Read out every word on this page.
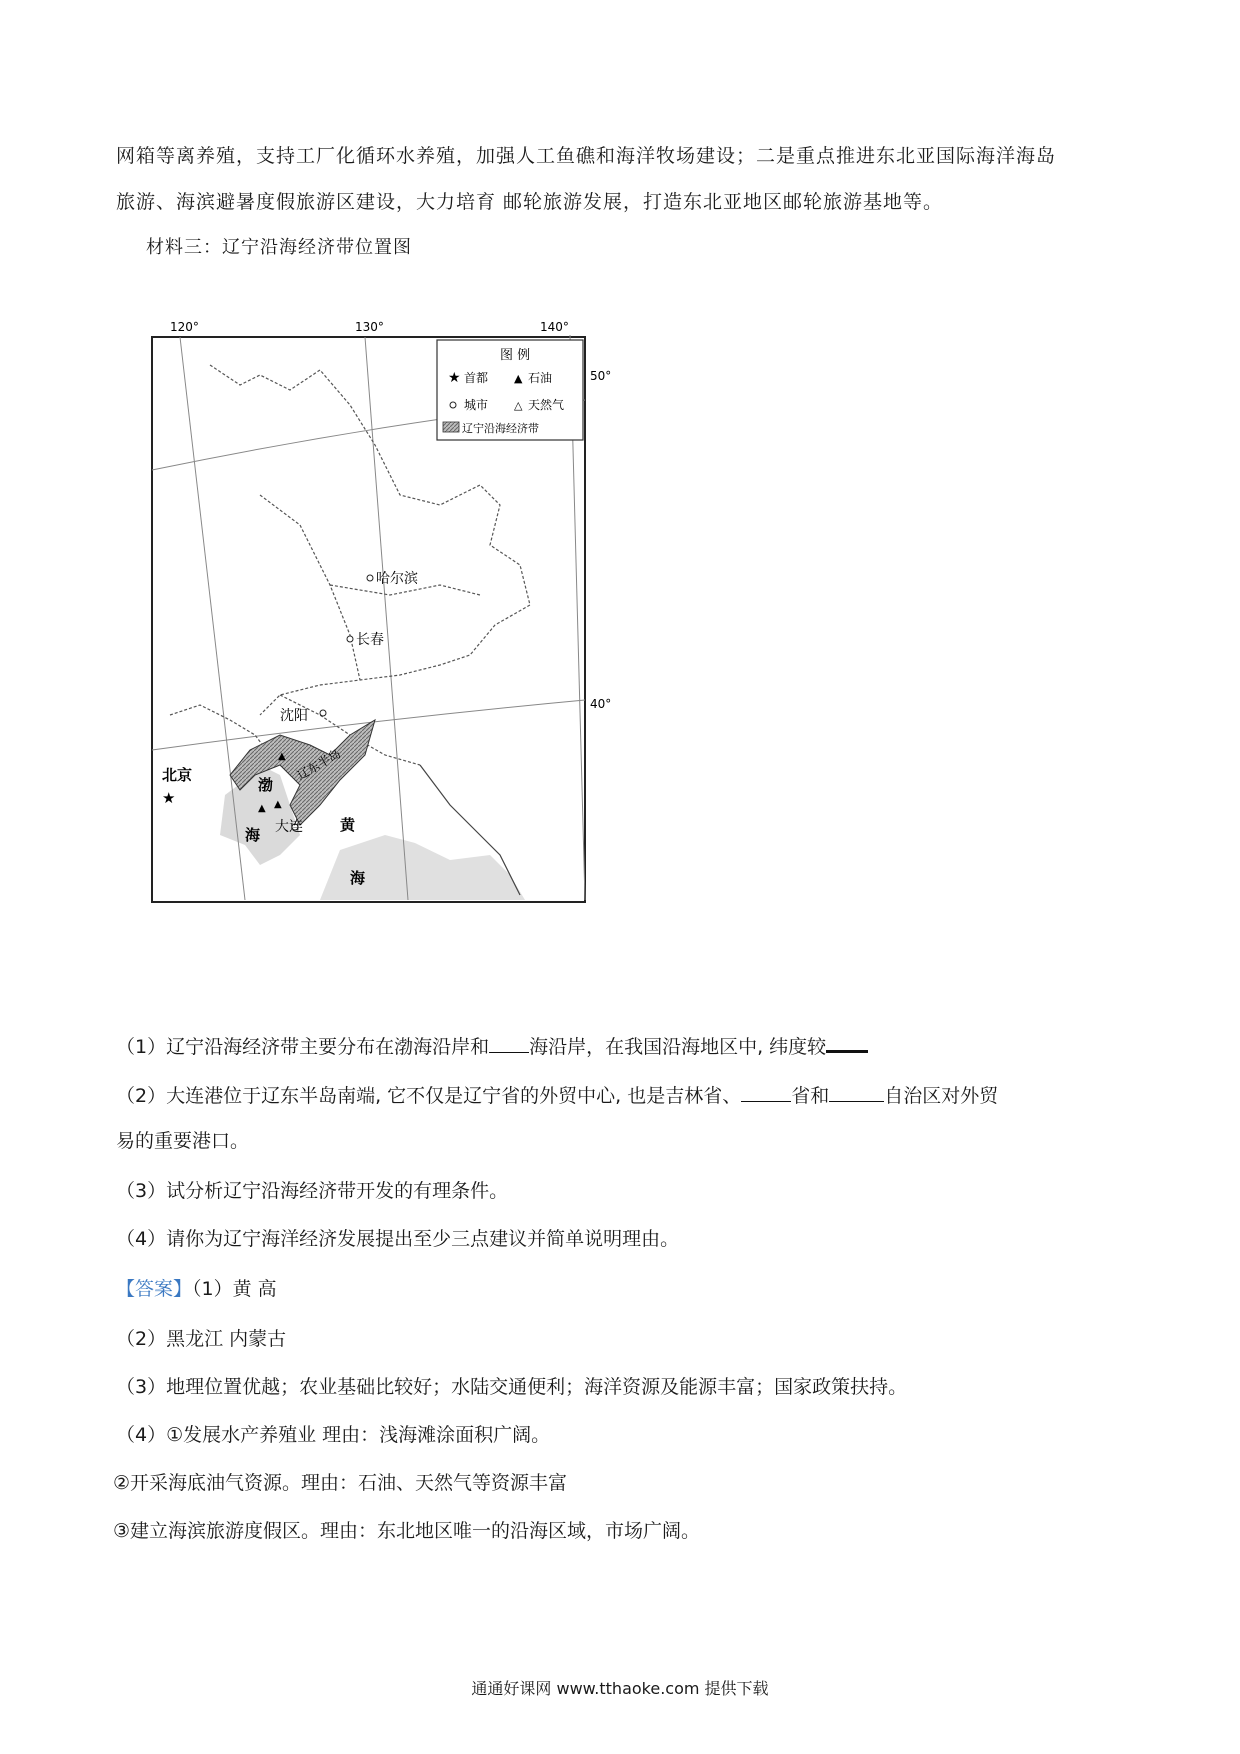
网箱等离养殖，支持工厂化循环水养殖，加强人工鱼礁和海洋牧场建设；二是重点推进东北亚国际海洋海岛
旅游、海滨避暑度假旅游区建设，大力培育 邮轮旅游发展，打造东北亚地区邮轮旅游基地等。
材料三：辽宁沿海经济带位置图
图 例
★ 首都 ▲ 石油
城市 △ 天然气
辽宁沿海经济带
120°	130°	140°
50°
40°
哈尔滨
长春
沈阳
★
北京
大连
▲
▲ ▲
辽东半岛
渤
海
黄
海
（1）辽宁沿海经济带主要分布在渤海沿岸和 海沿岸，在我国沿海地区中, 纬度较
（2）大连港位于辽东半岛南端, 它不仅是辽宁省的外贸中心, 也是吉林省、	省和	自治区对外贸
易的重要港口。
（3）试分析辽宁沿海经济带开发的有理条件。
（4）请你为辽宁海洋经济发展提出至少三点建议并简单说明理由。
【答案】（1）黄 高
（2）黑龙江 内蒙古
（3）地理位置优越；农业基础比较好；水陆交通便利；海洋资源及能源丰富；国家政策扶持。
（4）①发展水产养殖业 理由：浅海滩涂面积广阔。
②开采海底油气资源。理由：石油、天然气等资源丰富
③建立海滨旅游度假区。理由：东北地区唯一的沿海区域，市场广阔。
通通好课网 www.tthaoke.com 提供下载
